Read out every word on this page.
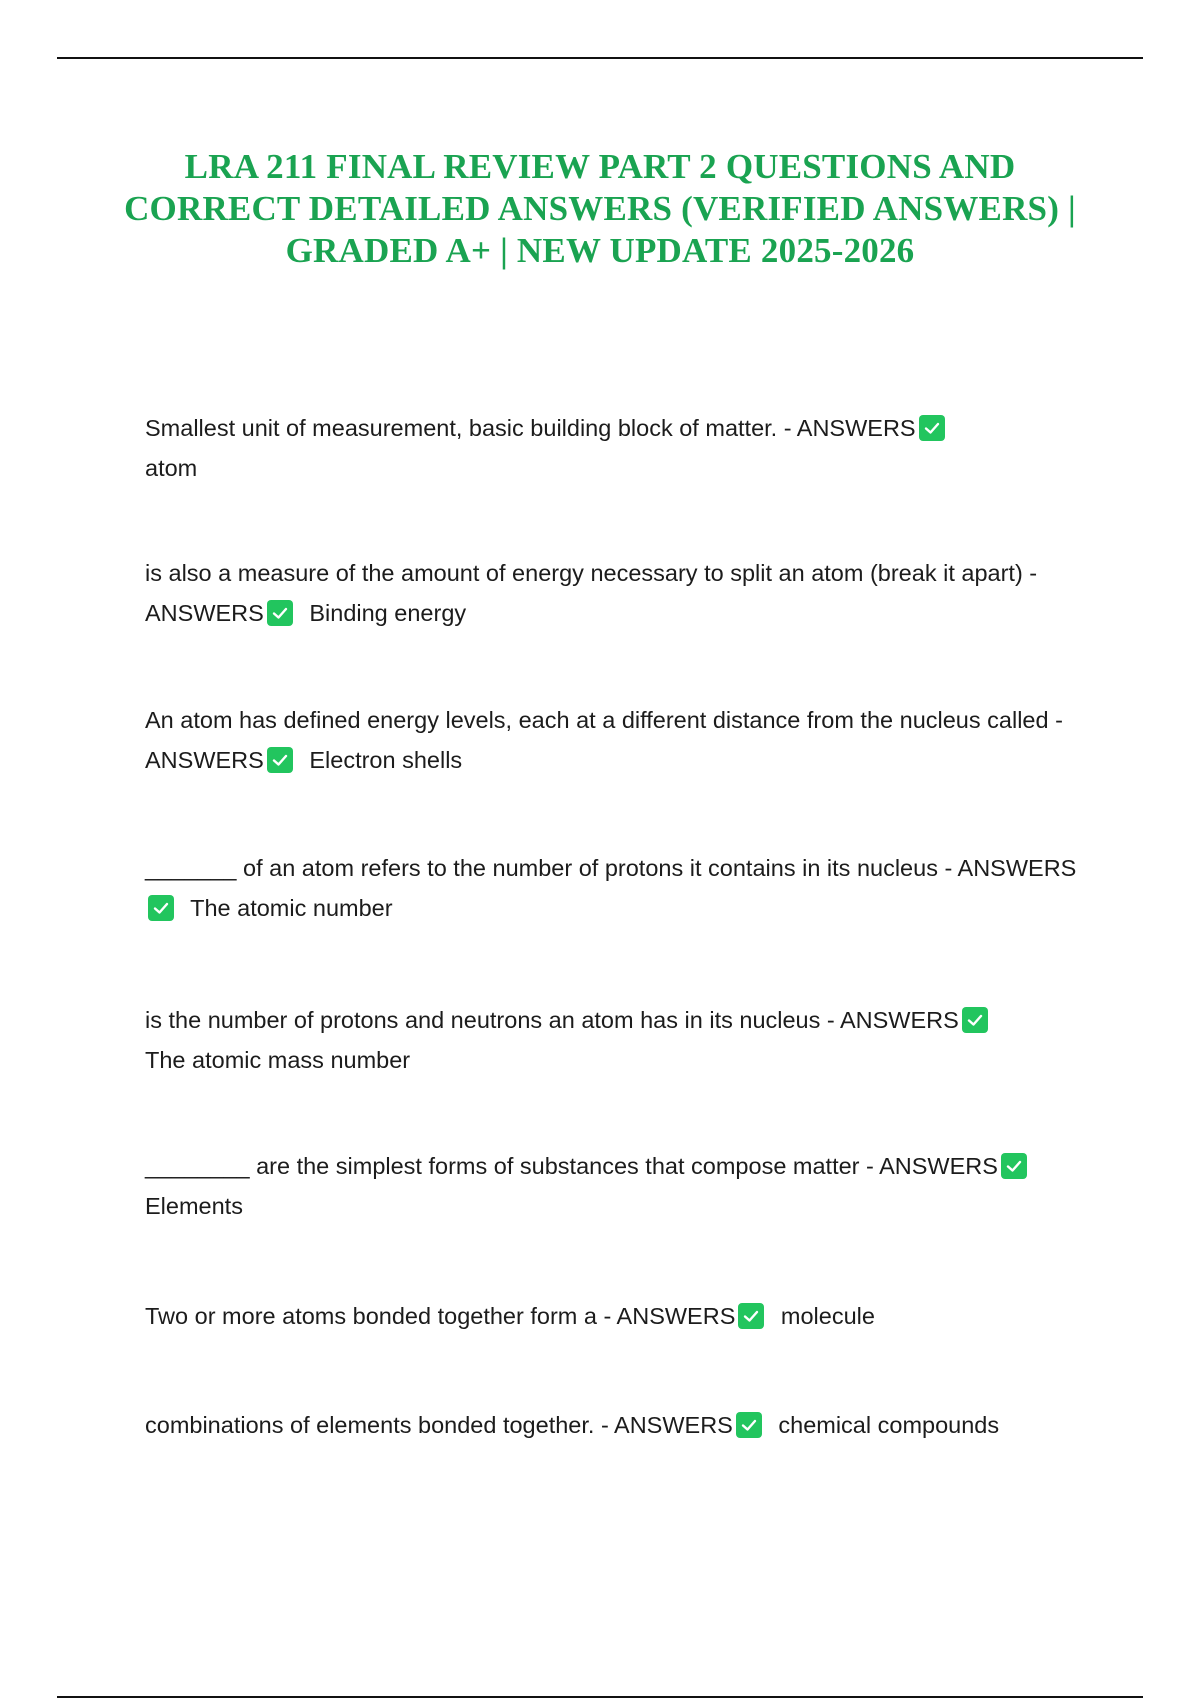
LRA 211 FINAL REVIEW PART 2 QUESTIONS AND CORRECT DETAILED ANSWERS (VERIFIED ANSWERS) | GRADED A+ | NEW UPDATE 2025-2026

Smallest unit of measurement, basic building block of matter. - ANSWERS

atom

is also a measure of the amount of energy necessary to split an atom (break it apart) - ANSWERS Binding energy

An atom has defined energy levels, each at a different distance from the nucleus called - ANSWERS Electron shells

_______ of an atom refers to the number of protons it contains in its nucleus - ANSWERS
The atomic number

is the number of protons and neutrons an atom has in its nucleus - ANSWERS

The atomic mass number

________ are the simplest forms of substances that compose matter - ANSWERS
Elements

Two or more atoms bonded together form a - ANSWERS molecule

combinations of elements bonded together. - ANSWERS chemical compounds
